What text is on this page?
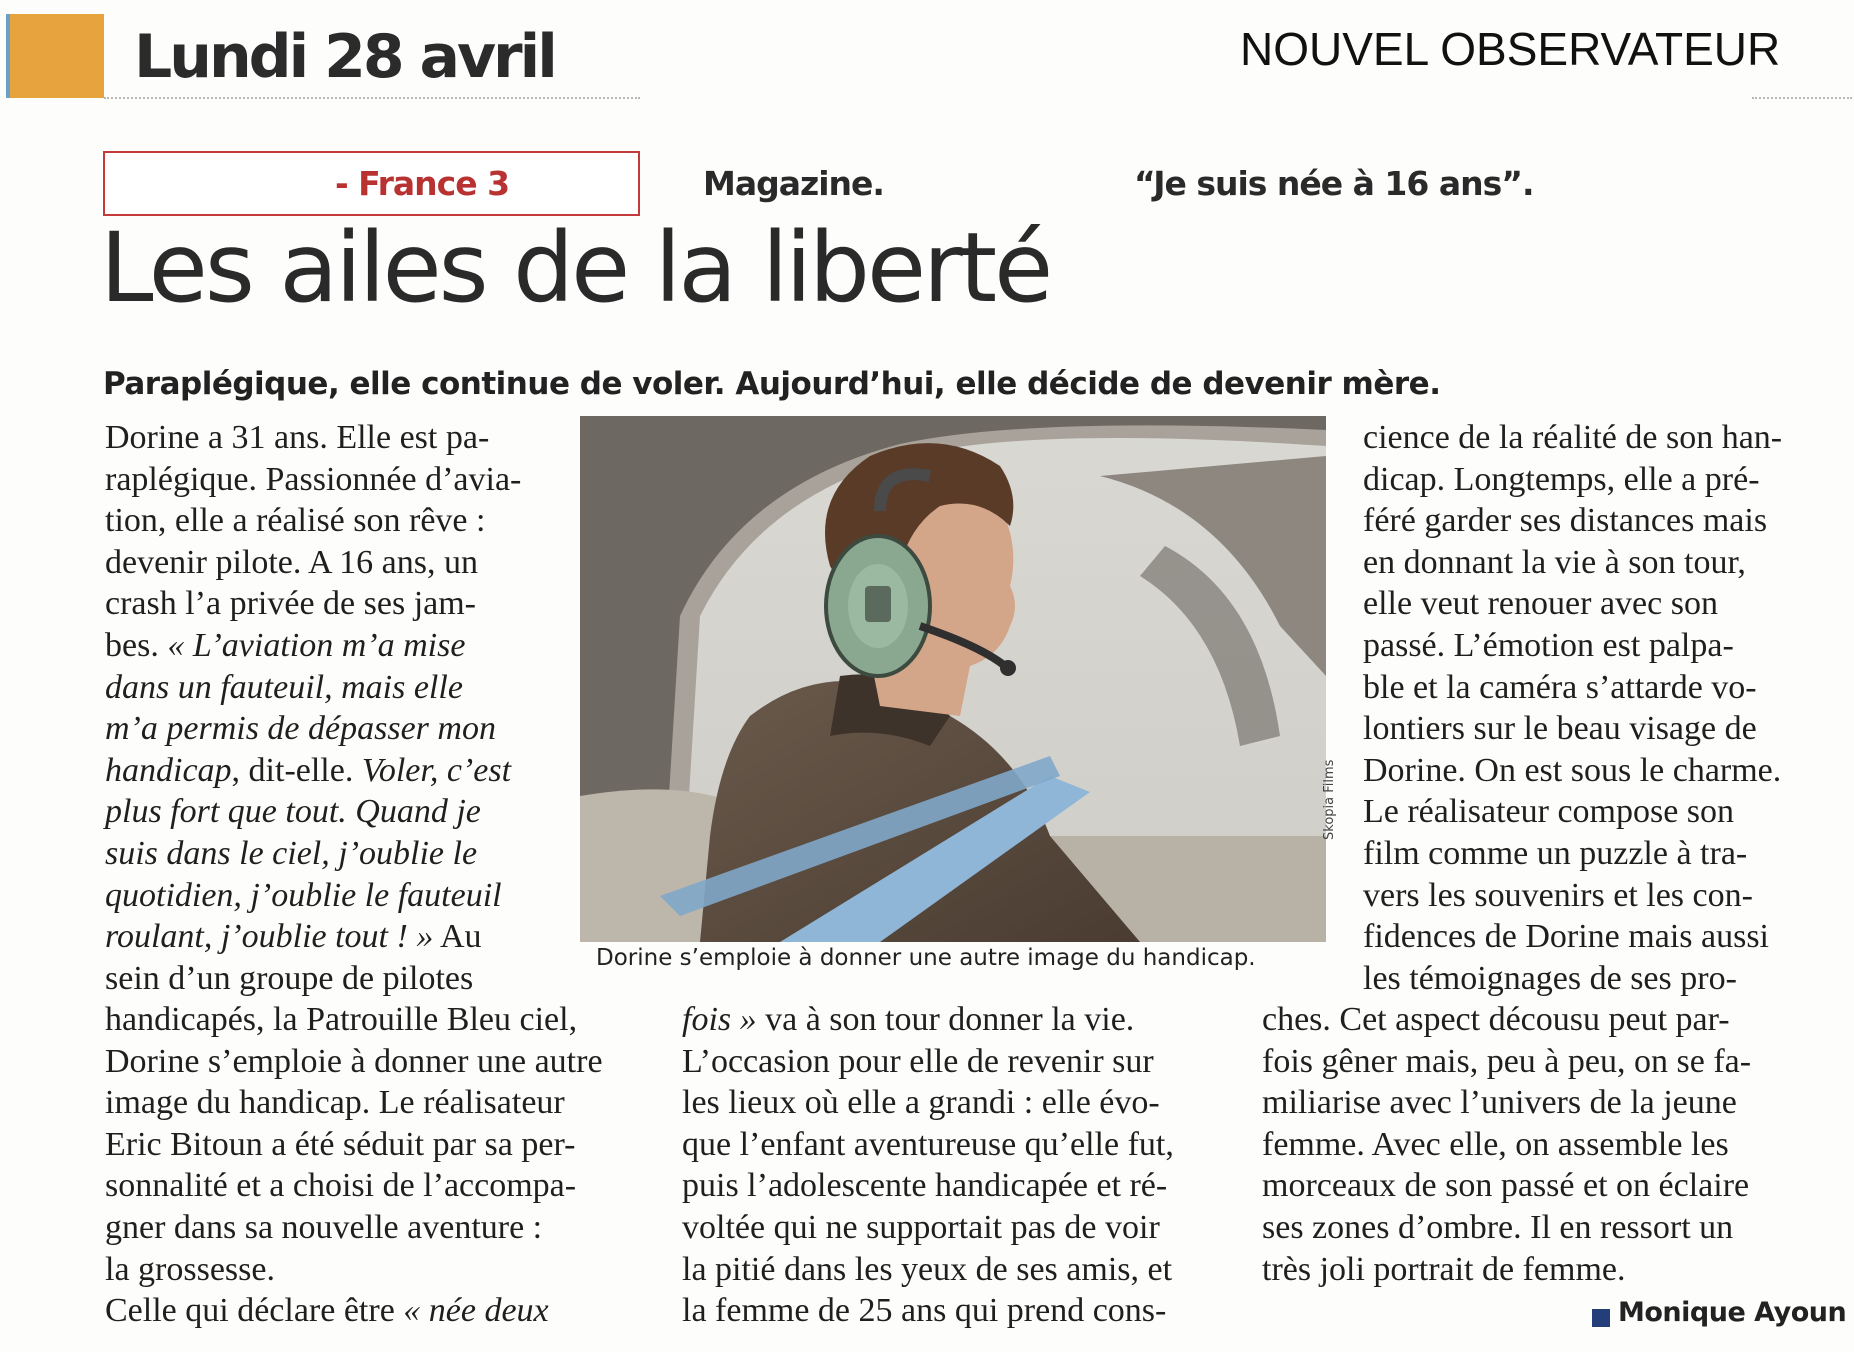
Lundi 28 avril	NOUVEL OBSERVATEUR
- France 3	Magazine.	“Je suis née à 16 ans”.
Les ailes de la liberté
Paraplégique, elle continue de voler. Aujourd’hui, elle décide de devenir mère.
Dorine a 31 ans. Elle est pa-
raplégique. Passionnée d’avia-
tion, elle a réalisé son rêve :
devenir pilote. A 16 ans, un
crash l’a privée de ses jam-
bes. « L’aviation m’a mise
dans un fauteuil, mais elle
m’a permis de dépasser mon
handicap, dit-elle. Voler, c’est
plus fort que tout. Quand je
suis dans le ciel, j’oublie le
quotidien, j’oublie le fauteuil
roulant, j’oublie tout ! » Au
sein d’un groupe de pilotes
Skopia Films
Dorine s’emploie à donner une autre image du handicap.
cience de la réalité de son han-
dicap. Longtemps, elle a pré-
féré garder ses distances mais
en donnant la vie à son tour,
elle veut renouer avec son
passé. L’émotion est palpa-
ble et la caméra s’attarde vo-
lontiers sur le beau visage de
Dorine. On est sous le charme.
Le réalisateur compose son
film comme un puzzle à tra-
vers les souvenirs et les con-
fidences de Dorine mais aussi
les témoignages de ses pro-
handicapés, la Patrouille Bleu ciel,
Dorine s’emploie à donner une autre
image du handicap. Le réalisateur
Eric Bitoun a été séduit par sa per-
sonnalité et a choisi de l’accompa-
gner dans sa nouvelle aventure :
la grossesse.
Celle qui déclare être « née deux
fois » va à son tour donner la vie.
L’occasion pour elle de revenir sur
les lieux où elle a grandi : elle évo-
que l’enfant aventureuse qu’elle fut,
puis l’adolescente handicapée et ré-
voltée qui ne supportait pas de voir
la pitié dans les yeux de ses amis, et
la femme de 25 ans qui prend cons-
ches. Cet aspect décousu peut par-
fois gêner mais, peu à peu, on se fa-
miliarise avec l’univers de la jeune
femme. Avec elle, on assemble les
morceaux de son passé et on éclaire
ses zones d’ombre. Il en ressort un
très joli portrait de femme.
Monique Ayoun
